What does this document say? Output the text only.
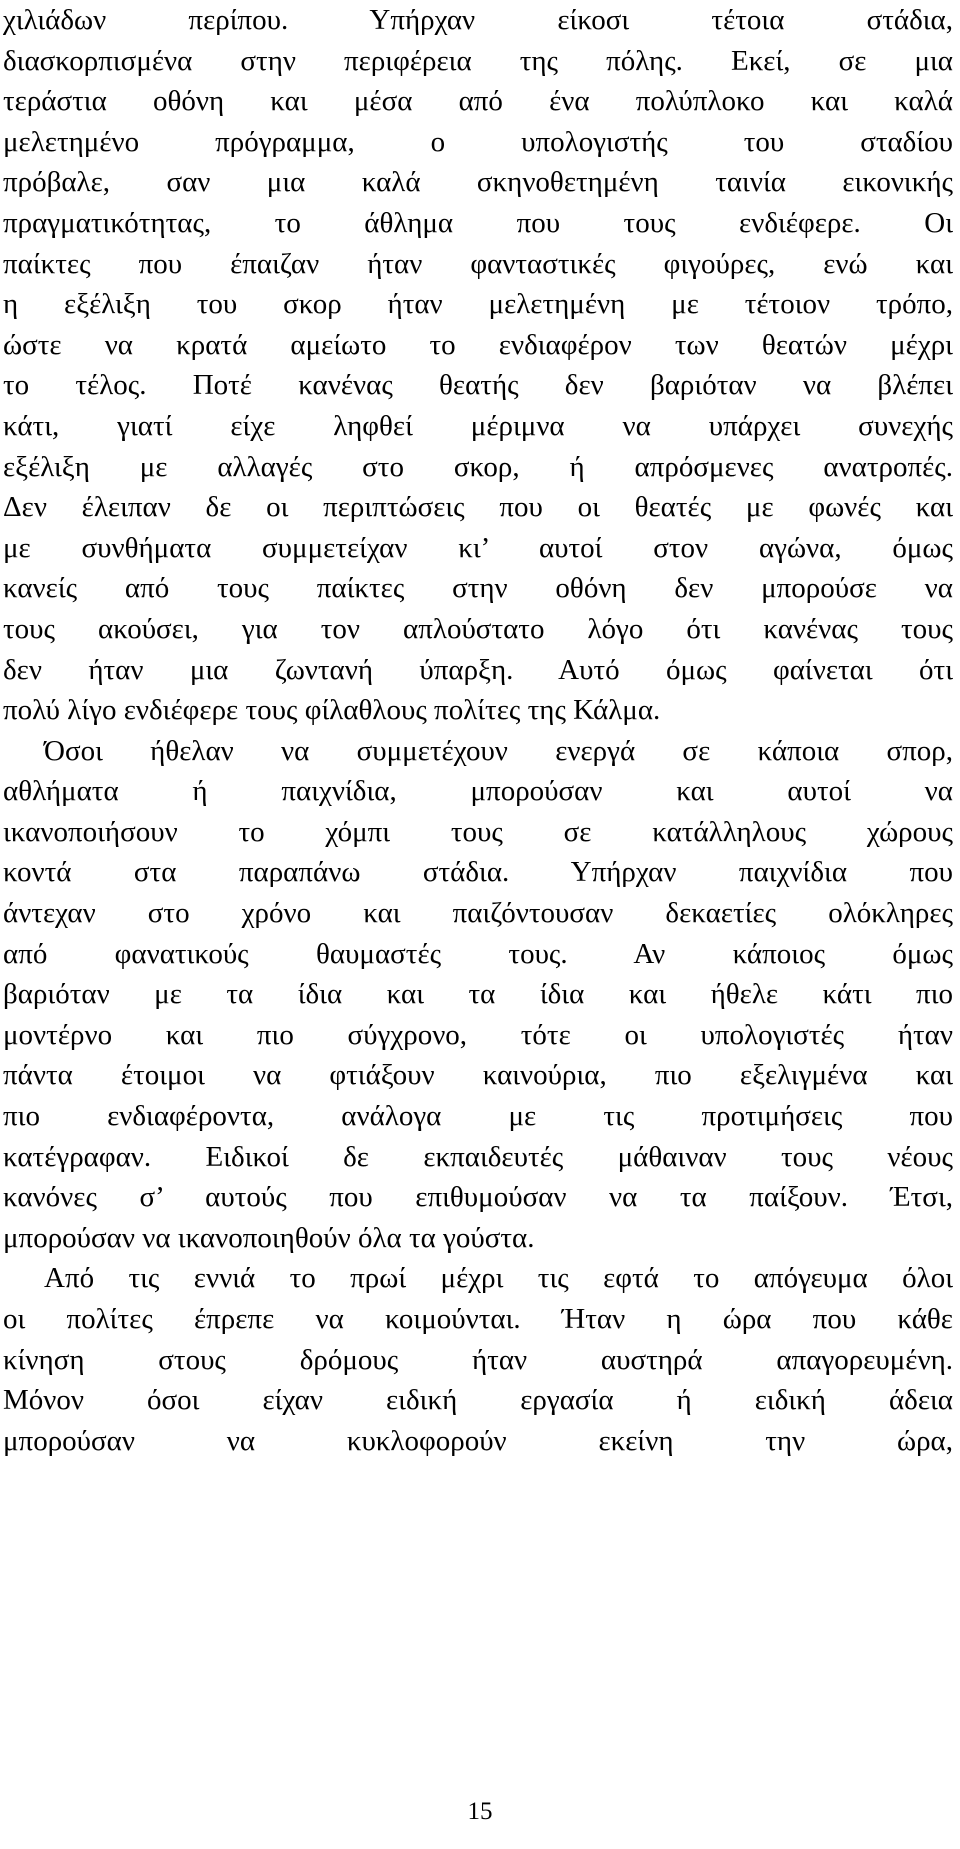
χιλιάδων περίπου. Υπήρχαν είκοσι τέτοια στάδια,
διασκορπισμένα στην περιφέρεια της πόλης. Εκεί, σε μια
τεράστια οθόνη και μέσα από ένα πολύπλοκο και καλά
μελετημένο πρόγραμμα, ο υπολογιστής του σταδίου
πρόβαλε, σαν μια καλά σκηνοθετημένη ταινία εικονικής
πραγματικότητας, το άθλημα που τους ενδιέφερε. Οι
παίκτες που έπαιζαν ήταν φανταστικές φιγούρες, ενώ και
η εξέλιξη του σκορ ήταν μελετημένη με τέτοιον τρόπο,
ώστε να κρατά αμείωτο το ενδιαφέρον των θεατών μέχρι
το τέλος. Ποτέ κανένας θεατής δεν βαριόταν να βλέπει
κάτι, γιατί είχε ληφθεί μέριμνα να υπάρχει συνεχής
εξέλιξη με αλλαγές στο σκορ, ή απρόσμενες ανατροπές.
Δεν έλειπαν δε οι περιπτώσεις που οι θεατές με φωνές και
με συνθήματα συμμετείχαν κι’ αυτοί στον αγώνα, όμως
κανείς από τους παίκτες στην οθόνη δεν μπορούσε να
τους ακούσει, για τον απλούστατο λόγο ότι κανένας τους
δεν ήταν μια ζωντανή ύπαρξη. Αυτό όμως φαίνεται ότι
πολύ λίγο ενδιέφερε τους φίλαθλους πολίτες της Κάλμα.
Όσοι ήθελαν να συμμετέχουν ενεργά σε κάποια σπορ,
αθλήματα ή παιχνίδια, μπορούσαν και αυτοί να
ικανοποιήσουν το χόμπι τους σε κατάλληλους χώρους
κοντά στα παραπάνω στάδια. Υπήρχαν παιχνίδια που
άντεχαν στο χρόνο και παιζόντουσαν δεκαετίες ολόκληρες
από φανατικούς θαυμαστές τους. Αν κάποιος όμως
βαριόταν με τα ίδια και τα ίδια και ήθελε κάτι πιο
μοντέρνο και πιο σύγχρονο, τότε οι υπολογιστές ήταν
πάντα έτοιμοι να φτιάξουν καινούρια, πιο εξελιγμένα και
πιο ενδιαφέροντα, ανάλογα με τις προτιμήσεις που
κατέγραφαν. Ειδικοί δε εκπαιδευτές μάθαιναν τους νέους
κανόνες σ’ αυτούς που επιθυμούσαν να τα παίξουν. Έτσι,
μπορούσαν να ικανοποιηθούν όλα τα γούστα.
Από τις εννιά το πρωί μέχρι τις εφτά το απόγευμα όλοι
οι πολίτες έπρεπε να κοιμούνται. Ήταν η ώρα που κάθε
κίνηση στους δρόμους ήταν αυστηρά απαγορευμένη.
Μόνον όσοι είχαν ειδική εργασία ή ειδική άδεια
μπορούσαν να κυκλοφορούν εκείνη την ώρα,
15
